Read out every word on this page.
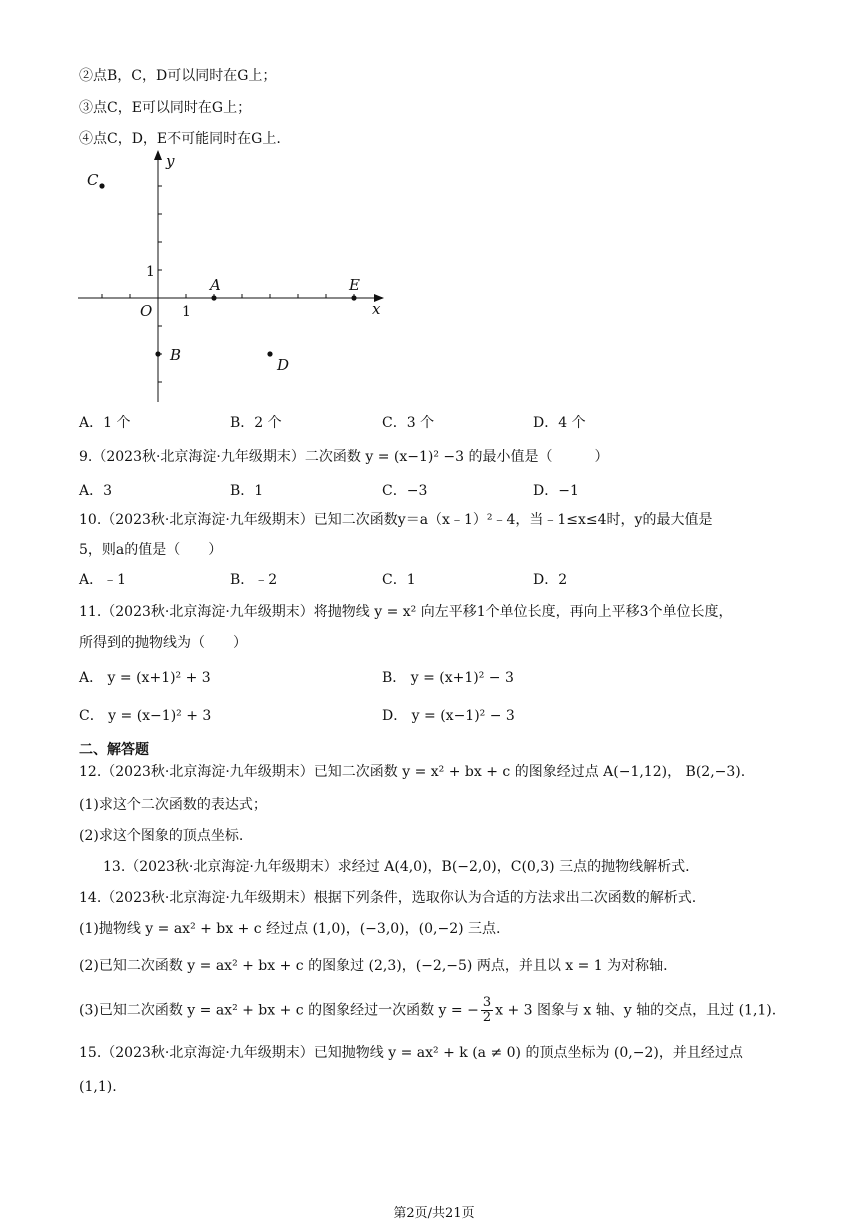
②点B，C，D可以同时在G上；
③点C，E可以同时在G上；
④点C，D，E不可能同时在G上.
y
x
O
A	E
B
C
D
1
1
A．1 个	B．2 个	C．3 个	D．4 个
9.（2023秋·北京海淀·九年级期末）二次函数 y = (x−1)² −3 的最小值是（　　　）
A．3	B．1	C．−3	D．−1
10.（2023秋·北京海淀·九年级期末）已知二次函数y＝a（x﹣1）²﹣4，当﹣1≤x≤4时，y的最大值是
5，则a的值是（　　）
A．﹣1	B．﹣2	C．1	D．2
11.（2023秋·北京海淀·九年级期末）将抛物线 y = x² 向左平移1个单位长度，再向上平移3个单位长度，
所得到的抛物线为（　　）
A． y = (x+1)² + 3	B． y = (x+1)² − 3
C． y = (x−1)² + 3	D． y = (x−1)² − 3
二、解答题
12.（2023秋·北京海淀·九年级期末）已知二次函数 y = x² + bx + c 的图象经过点 A(−1,12)， B(2,−3).
(1)求这个二次函数的表达式；
(2)求这个图象的顶点坐标.
13.（2023秋·北京海淀·九年级期末）求经过 A(4,0)，B(−2,0)，C(0,3) 三点的抛物线解析式.
14.（2023秋·北京海淀·九年级期末）根据下列条件，选取你认为合适的方法求出二次函数的解析式.
(1)抛物线 y = ax² + bx + c 经过点 (1,0)，(−3,0)，(0,−2) 三点.
(2)已知二次函数 y = ax² + bx + c 的图象过 (2,3)，(−2,−5) 两点，并且以 x = 1 为对称轴.
(3)已知二次函数 y = ax² + bx + c 的图象经过一次函数 y = − $\frac{3}{2}$ x + 3 图象与 x 轴、y 轴的交点，且过 (1,1).
15.（2023秋·北京海淀·九年级期末）已知抛物线 y = ax² + k (a ≠ 0) 的顶点坐标为 (0,−2)，并且经过点
(1,1).
第2页/共21页
